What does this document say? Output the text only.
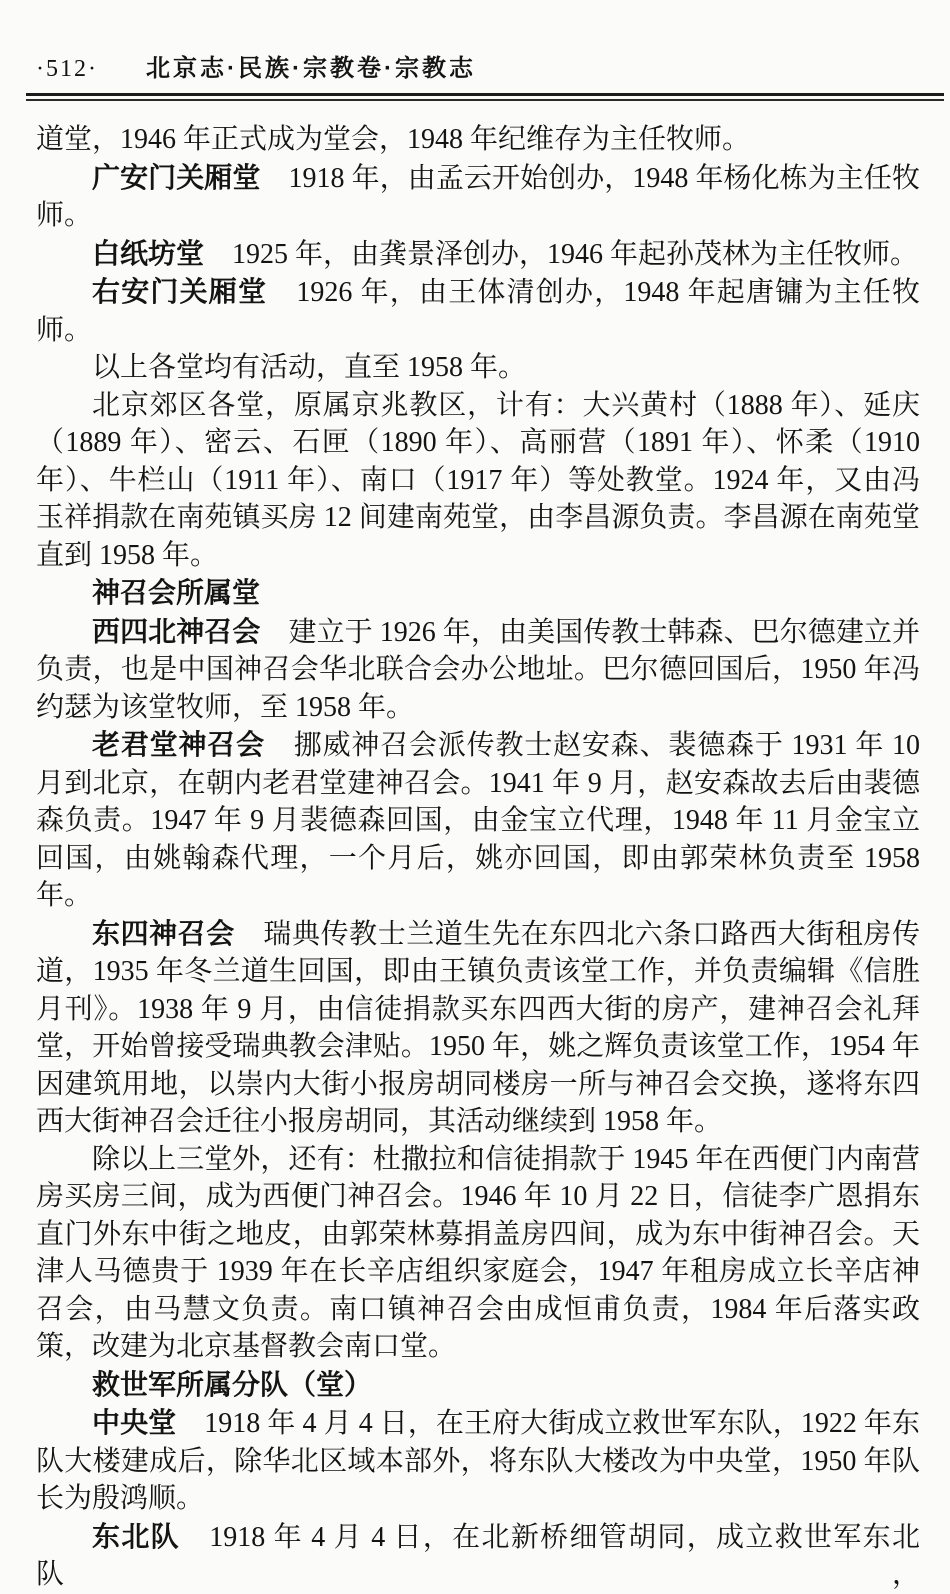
·512· 北京志·民族·宗教卷·宗教志

道堂，1946 年正式成为堂会，1948 年纪维存为主任牧师。

广安门关厢堂　1918 年，由孟云开始创办，1948 年杨化栋为主任牧师。

白纸坊堂　1925 年，由龚景泽创办，1946 年起孙茂林为主任牧师。

右安门关厢堂　1926 年，由王体清创办，1948 年起唐镛为主任牧师。

以上各堂均有活动，直至 1958 年。

北京郊区各堂，原属京兆教区，计有：大兴黄村（1888 年）、延庆（1889 年）、密云、石匣（1890 年）、高丽营（1891 年）、怀柔（1910 年）、牛栏山（1911 年）、南口（1917 年）等处教堂。1924 年，又由冯玉祥捐款在南苑镇买房 12 间建南苑堂，由李昌源负责。李昌源在南苑堂直到 1958 年。

神召会所属堂

西四北神召会　建立于 1926 年，由美国传教士韩森、巴尔德建立并负责，也是中国神召会华北联合会办公地址。巴尔德回国后，1950 年冯约瑟为该堂牧师，至 1958 年。

老君堂神召会　挪威神召会派传教士赵安森、裴德森于 1931 年 10 月到北京，在朝内老君堂建神召会。1941 年 9 月，赵安森故去后由裴德森负责。1947 年 9 月裴德森回国，由金宝立代理，1948 年 11 月金宝立回国，由姚翰森代理，一个月后，姚亦回国，即由郭荣林负责至 1958 年。

东四神召会　瑞典传教士兰道生先在东四北六条口路西大街租房传道，1935 年冬兰道生回国，即由王镇负责该堂工作，并负责编辑《信胜月刊》。1938 年 9 月，由信徒捐款买东四西大街的房产，建神召会礼拜堂，开始曾接受瑞典教会津贴。1950 年，姚之辉负责该堂工作，1954 年因建筑用地，以崇内大街小报房胡同楼房一所与神召会交换，遂将东四西大街神召会迁往小报房胡同，其活动继续到 1958 年。

除以上三堂外，还有：杜撒拉和信徒捐款于 1945 年在西便门内南营房买房三间，成为西便门神召会。1946 年 10 月 22 日，信徒李广恩捐东直门外东中街之地皮，由郭荣林募捐盖房四间，成为东中街神召会。天津人马德贵于 1939 年在长辛店组织家庭会，1947 年租房成立长辛店神召会，由马慧文负责。南口镇神召会由成恒甫负责，1984 年后落实政策，改建为北京基督教会南口堂。

救世军所属分队（堂）

中央堂　1918 年 4 月 4 日，在王府大街成立救世军东队，1922 年东队大楼建成后，除华北区域本部外，将东队大楼改为中央堂，1950 年队长为殷鸿顺。

东北队　1918 年 4 月 4 日，在北新桥细管胡同，成立救世军东北队，
